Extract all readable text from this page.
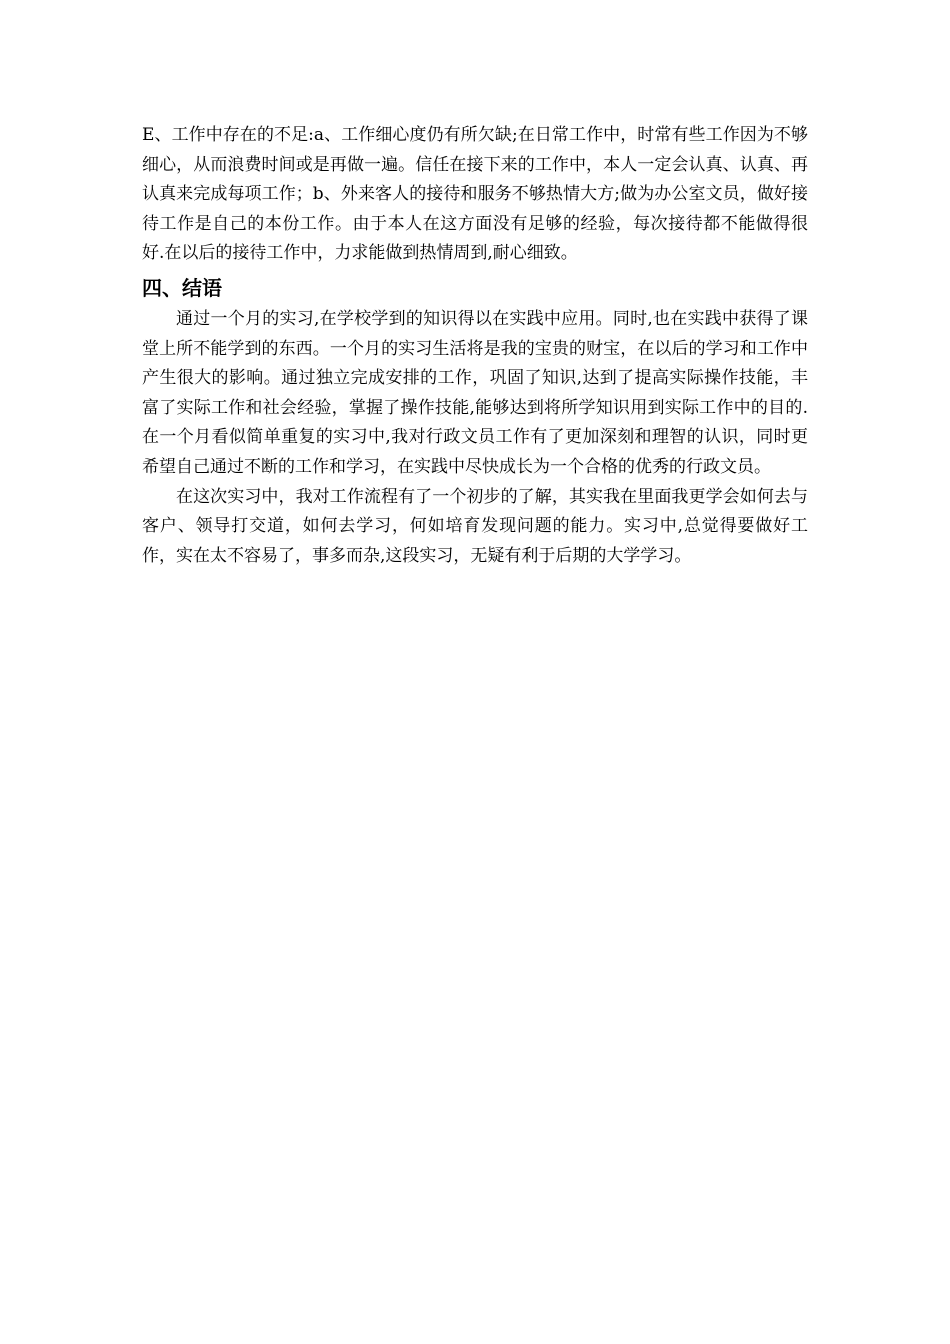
E、工作中存在的不足:a、工作细心度仍有所欠缺;在日常工作中，时常有些工作因为不够细心，从而浪费时间或是再做一遍。信任在接下来的工作中，本人一定会认真、认真、再认真来完成每项工作；b、外来客人的接待和服务不够热情大方;做为办公室文员，做好接待工作是自己的本份工作。由于本人在这方面没有足够的经验，每次接待都不能做得很好.在以后的接待工作中，力求能做到热情周到,耐心细致。

四、结语

通过一个月的实习,在学校学到的知识得以在实践中应用。同时,也在实践中获得了课堂上所不能学到的东西。一个月的实习生活将是我的宝贵的财宝，在以后的学习和工作中产生很大的影响。通过独立完成安排的工作，巩固了知识,达到了提高实际操作技能，丰富了实际工作和社会经验，掌握了操作技能,能够达到将所学知识用到实际工作中的目的.在一个月看似简单重复的实习中,我对行政文员工作有了更加深刻和理智的认识，同时更希望自己通过不断的工作和学习，在实践中尽快成长为一个合格的优秀的行政文员。

在这次实习中，我对工作流程有了一个初步的了解，其实我在里面我更学会如何去与客户、领导打交道，如何去学习，何如培育发现问题的能力。实习中,总觉得要做好工作，实在太不容易了，事多而杂,这段实习，无疑有利于后期的大学学习。
